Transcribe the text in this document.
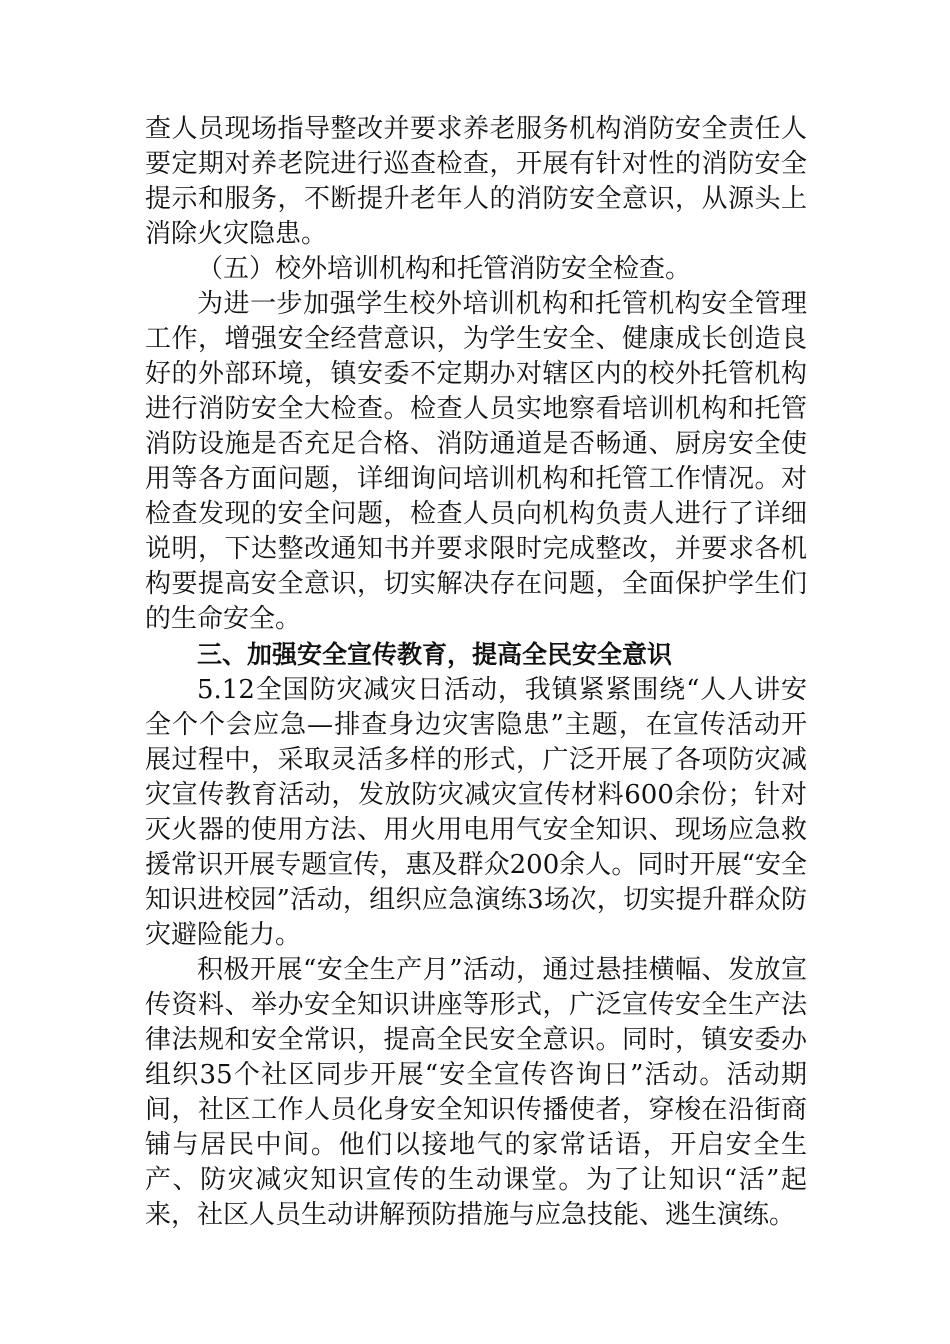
查人员现场指导整改并要求养老服务机构消防安全责任人要定期对养老院进行巡查检查，开展有针对性的消防安全提示和服务，不断提升老年人的消防安全意识，从源头上消除火灾隐患。

（五）校外培训机构和托管消防安全检查。

为进一步加强学生校外培训机构和托管机构安全管理工作，增强安全经营意识，为学生安全、健康成长创造良好的外部环境，镇安委不定期办对辖区内的校外托管机构进行消防安全大检查。检查人员实地察看培训机构和托管消防设施是否充足合格、消防通道是否畅通、厨房安全使用等各方面问题，详细询问培训机构和托管工作情况。对检查发现的安全问题，检查人员向机构负责人进行了详细说明，下达整改通知书并要求限时完成整改，并要求各机构要提高安全意识，切实解决存在问题，全面保护学生们的生命安全。

三、加强安全宣传教育，提高全民安全意识

5.12全国防灾减灾日活动，我镇紧紧围绕“人人讲安全个个会应急—排查身边灾害隐患”主题，在宣传活动开展过程中，采取灵活多样的形式，广泛开展了各项防灾减灾宣传教育活动，发放防灾减灾宣传材料600余份；针对灭火器的使用方法、用火用电用气安全知识、现场应急救援常识开展专题宣传，惠及群众200余人。同时开展“安全知识进校园”活动，组织应急演练3场次，切实提升群众防灾避险能力。

积极开展“安全生产月”活动，通过悬挂横幅、发放宣传资料、举办安全知识讲座等形式，广泛宣传安全生产法律法规和安全常识，提高全民安全意识。同时，镇安委办组织35个社区同步开展“安全宣传咨询日”活动。活动期间，社区工作人员化身安全知识传播使者，穿梭在沿街商铺与居民中间。他们以接地气的家常话语，开启安全生产、防灾减灾知识宣传的生动课堂。为了让知识“活”起来，社区人员生动讲解预防措施与应急技能、逃生演练。
